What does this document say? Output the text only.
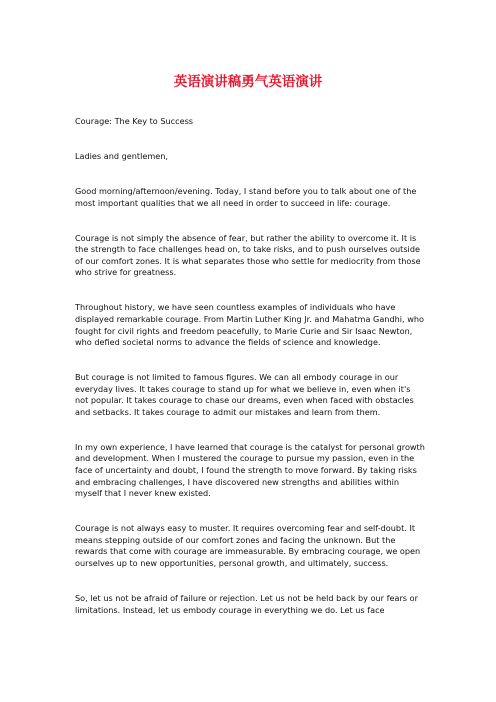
英语演讲稿勇气英语演讲

Courage: The Key to Success

Ladies and gentlemen,

Good morning/afternoon/evening. Today, I stand before you to talk about one of the most important qualities that we all need in order to succeed in life: courage.

Courage is not simply the absence of fear, but rather the ability to overcome it. It is the strength to face challenges head on, to take risks, and to push ourselves outside of our comfort zones. It is what separates those who settle for mediocrity from those who strive for greatness.

Throughout history, we have seen countless examples of individuals who have displayed remarkable courage. From Martin Luther King Jr. and Mahatma Gandhi, who fought for civil rights and freedom peacefully, to Marie Curie and Sir Isaac Newton, who defied societal norms to advance the fields of science and knowledge.

But courage is not limited to famous figures. We can all embody courage in our everyday lives. It takes courage to stand up for what we believe in, even when it's not popular. It takes courage to chase our dreams, even when faced with obstacles and setbacks. It takes courage to admit our mistakes and learn from them.

In my own experience, I have learned that courage is the catalyst for personal growth and development. When I mustered the courage to pursue my passion, even in the face of uncertainty and doubt, I found the strength to move forward. By taking risks and embracing challenges, I have discovered new strengths and abilities within myself that I never knew existed.

Courage is not always easy to muster. It requires overcoming fear and self-doubt. It means stepping outside of our comfort zones and facing the unknown. But the rewards that come with courage are immeasurable. By embracing courage, we open ourselves up to new opportunities, personal growth, and ultimately, success.

So, let us not be afraid of failure or rejection. Let us not be held back by our fears or limitations. Instead, let us embody courage in everything we do. Let us face
